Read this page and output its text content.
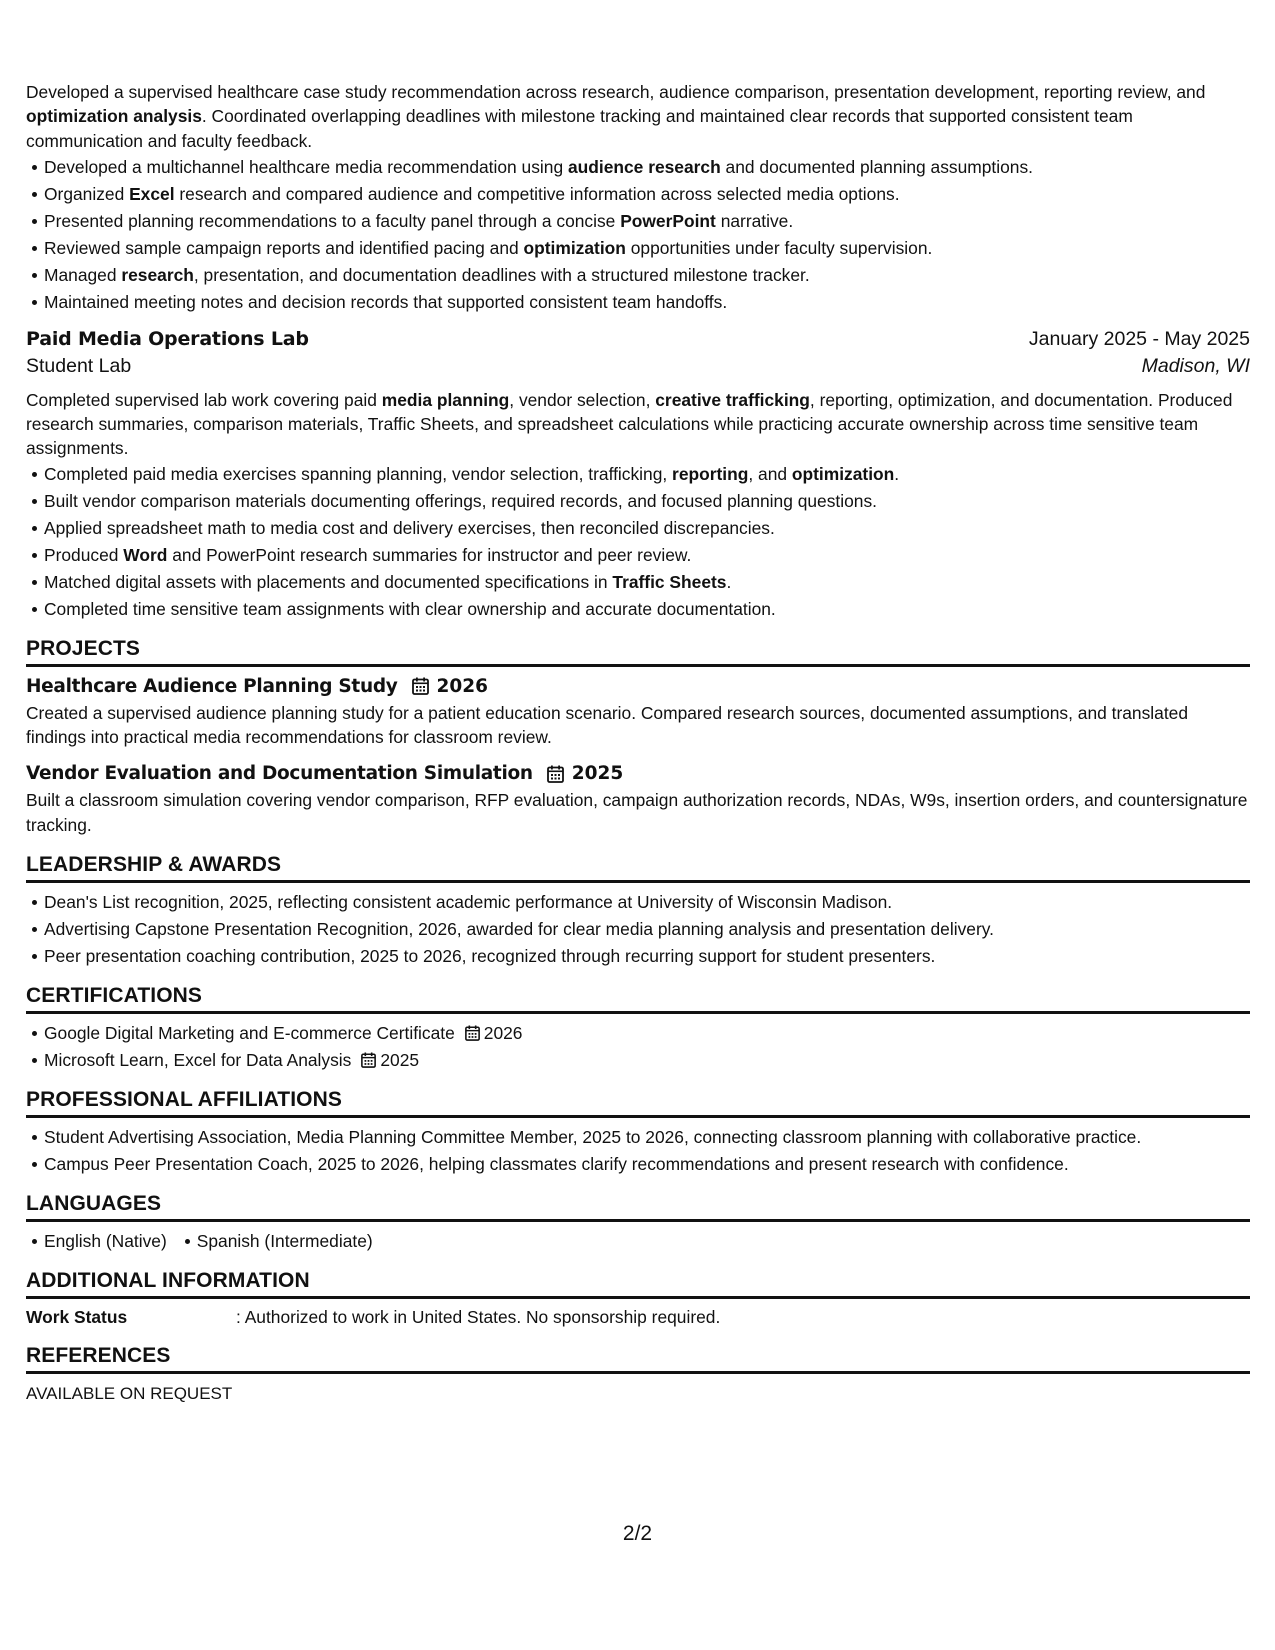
Developed a supervised healthcare case study recommendation across research, audience comparison, presentation development, reporting review, and optimization analysis. Coordinated overlapping deadlines with milestone tracking and maintained clear records that supported consistent team communication and faculty feedback.

Developed a multichannel healthcare media recommendation using audience research and documented planning assumptions.
Organized Excel research and compared audience and competitive information across selected media options.
Presented planning recommendations to a faculty panel through a concise PowerPoint narrative.
Reviewed sample campaign reports and identified pacing and optimization opportunities under faculty supervision.
Managed research, presentation, and documentation deadlines with a structured milestone tracker.
Maintained meeting notes and decision records that supported consistent team handoffs.
Paid Media Operations Lab	January 2025 - May 2025
Student Lab	Madison, WI

Completed supervised lab work covering paid media planning, vendor selection, creative trafficking, reporting, optimization, and documentation. Produced research summaries, comparison materials, Traffic Sheets, and spreadsheet calculations while practicing accurate ownership across time sensitive team assignments.

Completed paid media exercises spanning planning, vendor selection, trafficking, reporting, and optimization.
Built vendor comparison materials documenting offerings, required records, and focused planning questions.
Applied spreadsheet math to media cost and delivery exercises, then reconciled discrepancies.
Produced Word and PowerPoint research summaries for instructor and peer review.
Matched digital assets with placements and documented specifications in Traffic Sheets.
Completed time sensitive team assignments with clear ownership and accurate documentation.
PROJECTS
Healthcare Audience Planning Study 2026

Created a supervised audience planning study for a patient education scenario. Compared research sources, documented assumptions, and translated findings into practical media recommendations for classroom review.

Vendor Evaluation and Documentation Simulation 2025

Built a classroom simulation covering vendor comparison, RFP evaluation, campaign authorization records, NDAs, W9s, insertion orders, and countersignature tracking.

LEADERSHIP & AWARDS
Dean's List recognition, 2025, reflecting consistent academic performance at University of Wisconsin Madison.
Advertising Capstone Presentation Recognition, 2026, awarded for clear media planning analysis and presentation delivery.
Peer presentation coaching contribution, 2025 to 2026, recognized through recurring support for student presenters.
CERTIFICATIONS
Google Digital Marketing and E-commerce Certificate 2026
Microsoft Learn, Excel for Data Analysis 2025
PROFESSIONAL AFFILIATIONS
Student Advertising Association, Media Planning Committee Member, 2025 to 2026, connecting classroom planning with collaborative practice.
Campus Peer Presentation Coach, 2025 to 2026, helping classmates clarify recommendations and present research with confidence.
LANGUAGES
English (Native) Spanish (Intermediate)
ADDITIONAL INFORMATION
Work Status	: Authorized to work in United States. No sponsorship required.
REFERENCES

AVAILABLE ON REQUEST

2/2
